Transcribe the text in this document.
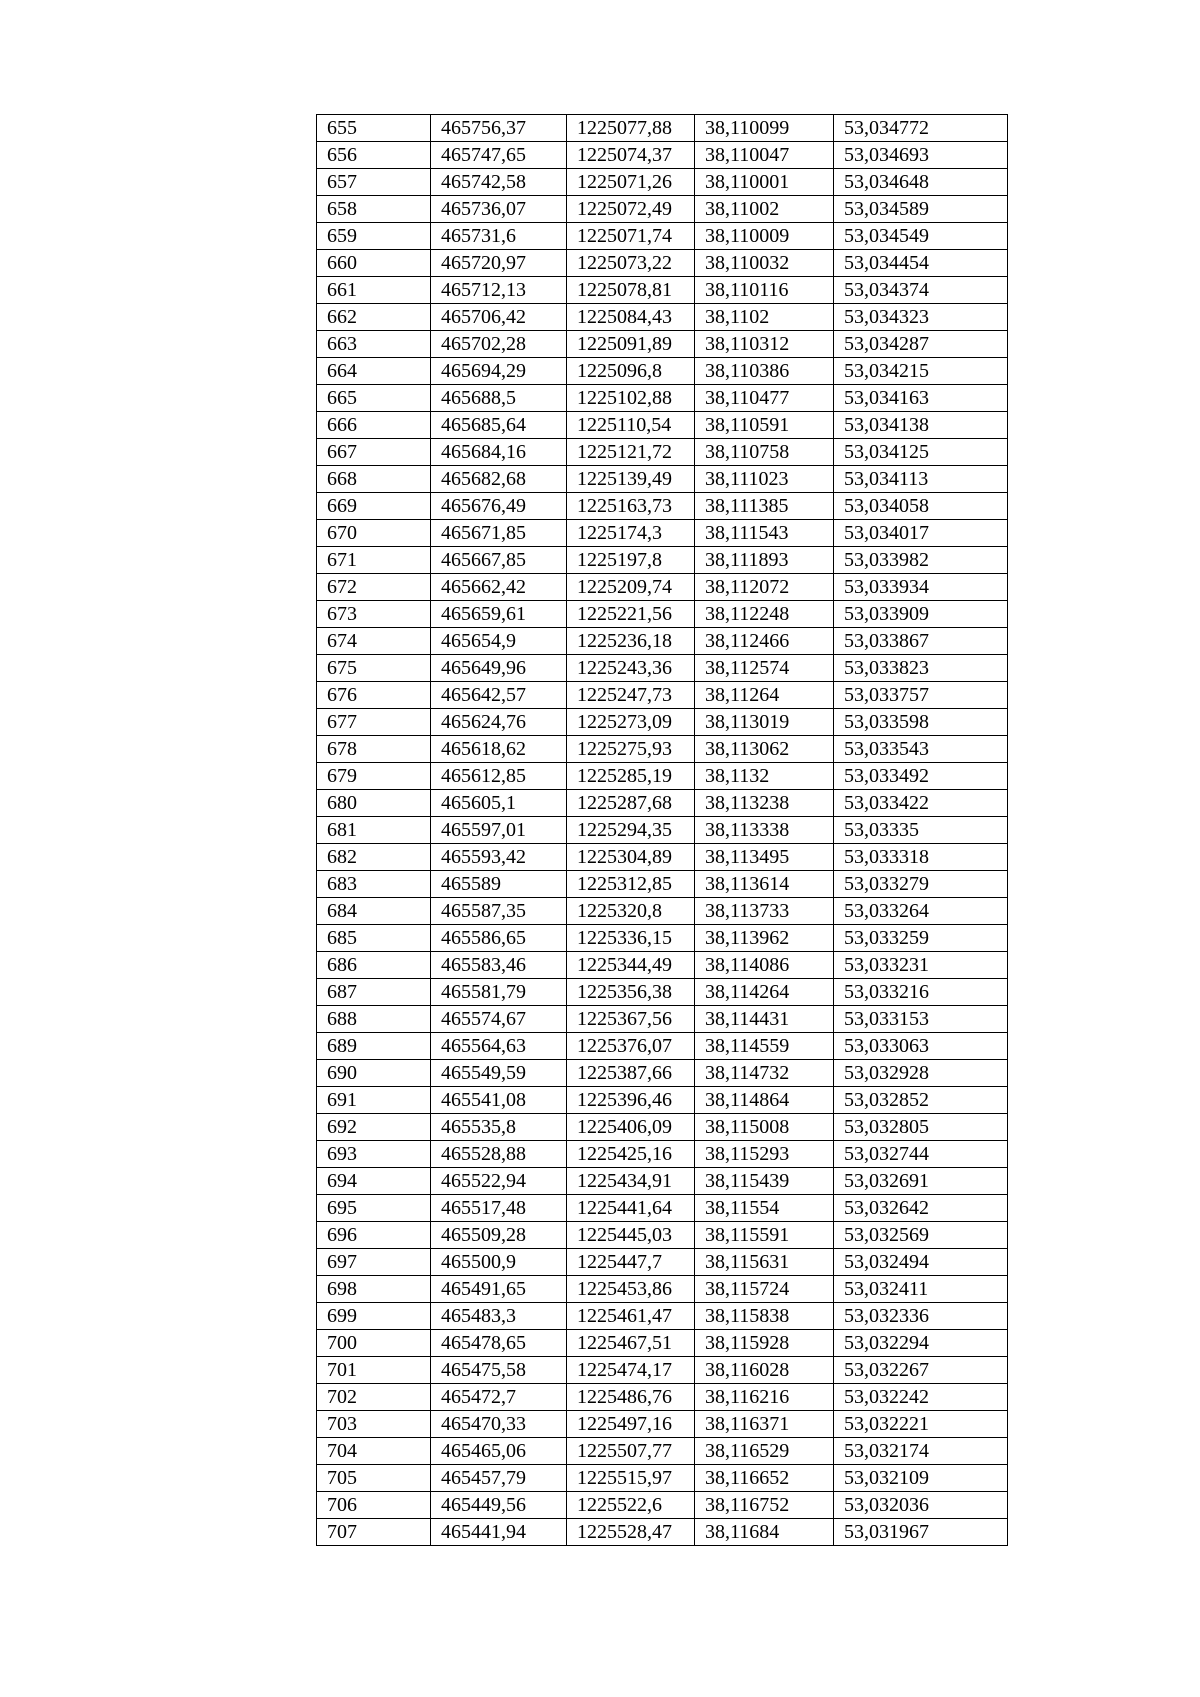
655	465756,37	1225077,88	38,110099	53,034772
656	465747,65	1225074,37	38,110047	53,034693
657	465742,58	1225071,26	38,110001	53,034648
658	465736,07	1225072,49	38,11002	53,034589
659	465731,6	1225071,74	38,110009	53,034549
660	465720,97	1225073,22	38,110032	53,034454
661	465712,13	1225078,81	38,110116	53,034374
662	465706,42	1225084,43	38,1102	53,034323
663	465702,28	1225091,89	38,110312	53,034287
664	465694,29	1225096,8	38,110386	53,034215
665	465688,5	1225102,88	38,110477	53,034163
666	465685,64	1225110,54	38,110591	53,034138
667	465684,16	1225121,72	38,110758	53,034125
668	465682,68	1225139,49	38,111023	53,034113
669	465676,49	1225163,73	38,111385	53,034058
670	465671,85	1225174,3	38,111543	53,034017
671	465667,85	1225197,8	38,111893	53,033982
672	465662,42	1225209,74	38,112072	53,033934
673	465659,61	1225221,56	38,112248	53,033909
674	465654,9	1225236,18	38,112466	53,033867
675	465649,96	1225243,36	38,112574	53,033823
676	465642,57	1225247,73	38,11264	53,033757
677	465624,76	1225273,09	38,113019	53,033598
678	465618,62	1225275,93	38,113062	53,033543
679	465612,85	1225285,19	38,1132	53,033492
680	465605,1	1225287,68	38,113238	53,033422
681	465597,01	1225294,35	38,113338	53,03335
682	465593,42	1225304,89	38,113495	53,033318
683	465589	1225312,85	38,113614	53,033279
684	465587,35	1225320,8	38,113733	53,033264
685	465586,65	1225336,15	38,113962	53,033259
686	465583,46	1225344,49	38,114086	53,033231
687	465581,79	1225356,38	38,114264	53,033216
688	465574,67	1225367,56	38,114431	53,033153
689	465564,63	1225376,07	38,114559	53,033063
690	465549,59	1225387,66	38,114732	53,032928
691	465541,08	1225396,46	38,114864	53,032852
692	465535,8	1225406,09	38,115008	53,032805
693	465528,88	1225425,16	38,115293	53,032744
694	465522,94	1225434,91	38,115439	53,032691
695	465517,48	1225441,64	38,11554	53,032642
696	465509,28	1225445,03	38,115591	53,032569
697	465500,9	1225447,7	38,115631	53,032494
698	465491,65	1225453,86	38,115724	53,032411
699	465483,3	1225461,47	38,115838	53,032336
700	465478,65	1225467,51	38,115928	53,032294
701	465475,58	1225474,17	38,116028	53,032267
702	465472,7	1225486,76	38,116216	53,032242
703	465470,33	1225497,16	38,116371	53,032221
704	465465,06	1225507,77	38,116529	53,032174
705	465457,79	1225515,97	38,116652	53,032109
706	465449,56	1225522,6	38,116752	53,032036
707	465441,94	1225528,47	38,11684	53,031967
